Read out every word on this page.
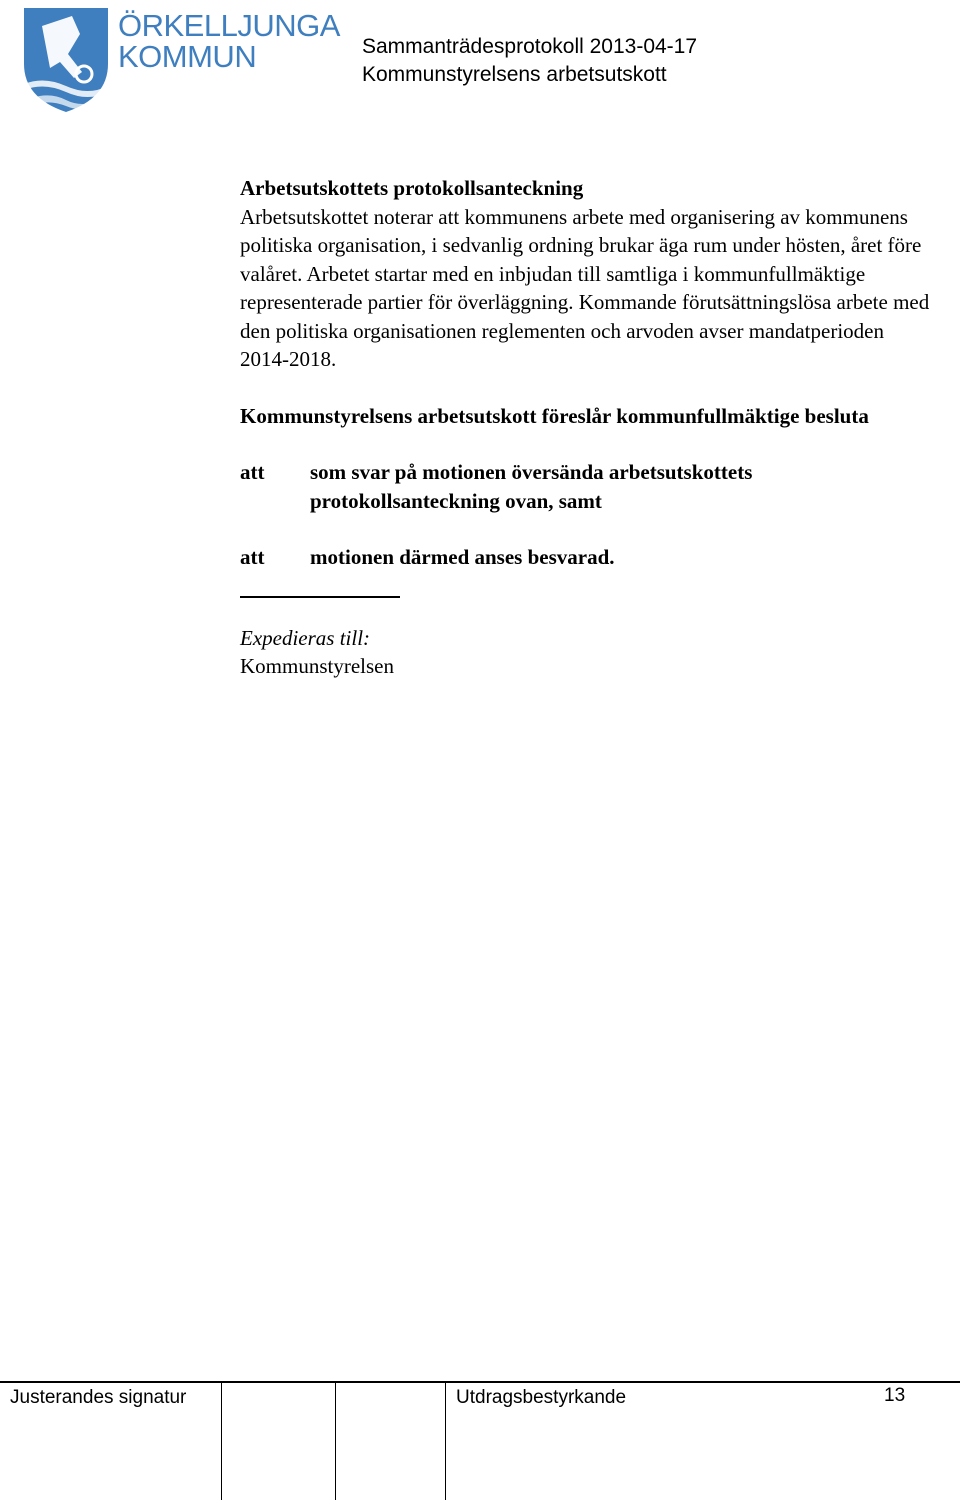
ÖRKELLJUNGA
KOMMUN	Sammanträdesprotokoll 2013-04-17
Kommunstyrelsens arbetsutskott

Arbetsutskottets protokollsanteckning

Arbetsutskottet noterar att kommunens arbete med organisering av kommunens politiska organisation, i sedvanlig ordning brukar äga rum under hösten, året före valåret. Arbetet startar med en inbjudan till samtliga i kommunfullmäktige representerade partier för överläggning. Kommande förutsättningslösa arbete med den politiska organisationen reglementen och arvoden avser mandatperioden 2014-2018.

Kommunstyrelsens arbetsutskott föreslår kommunfullmäktige besluta

att	som svar på motionen översända arbetsutskottets protokollsanteckning ovan, samt
att	motionen därmed anses besvarad.

Expedieras till:

Kommunstyrelsen

Justerandes signatur	Utdragsbestyrkande	13
